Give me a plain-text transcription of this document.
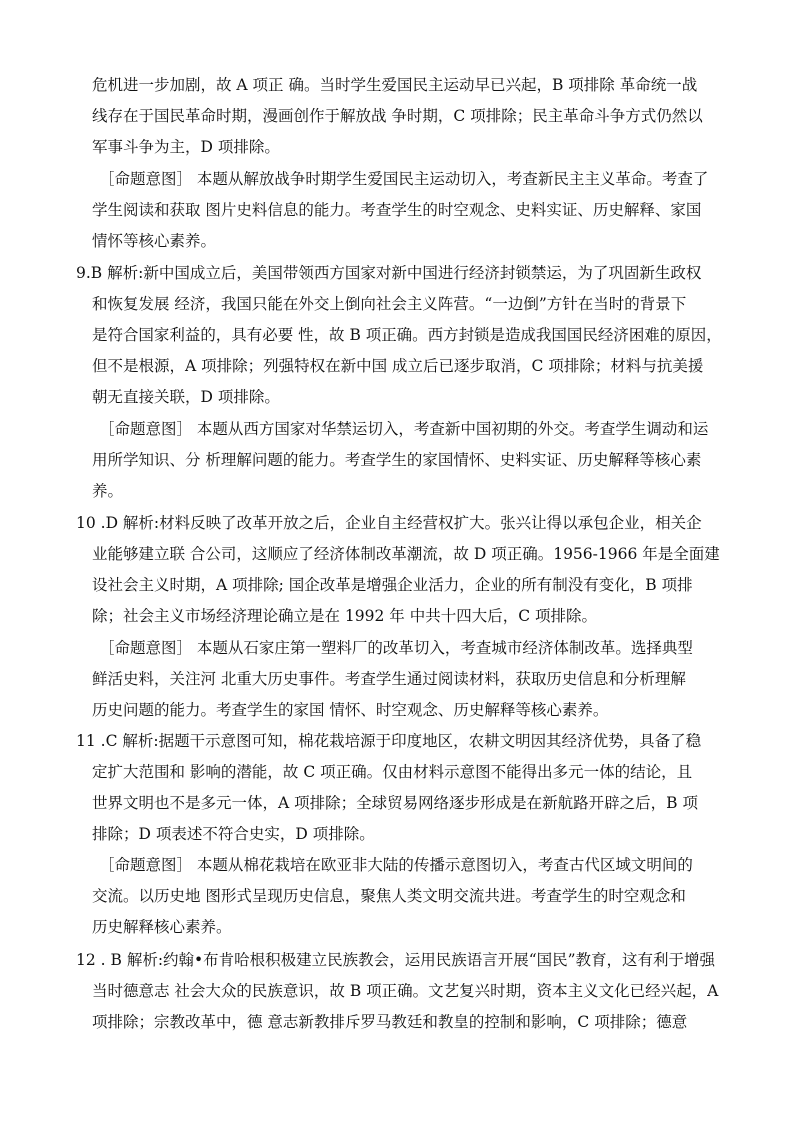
危机进一步加剧，故 A 项正 确。当时学生爱国民主运动早已兴起，B 项排除 革命统一战
线存在于国民革命时期，漫画创作于解放战 争时期，C 项排除；民主革命斗争方式仍然以
军事斗争为主，D 项排除。
［命题意图］ 本题从解放战争时期学生爱国民主运动切入，考查新民主主义革命。考查了
学生阅读和获取 图片史料信息的能力。考查学生的时空观念、史料实证、历史解释、家国
情怀等核心素养。
9.B 解析:新中国成立后，美国带领西方国家对新中国进行经济封锁禁运，为了巩固新生政权
和恢复发展 经济，我国只能在外交上倒向社会主义阵营。“一边倒”方针在当时的背景下
是符合国家利益的，具有必要 性，故 B 项正确。西方封锁是造成我国国民经济困难的原因，
但不是根源，A 项排除；列强特权在新中国 成立后已逐步取消，C 项排除；材料与抗美援
朝无直接关联，D 项排除。
［命题意图］ 本题从西方国家对华禁运切入，考查新中国初期的外交。考查学生调动和运
用所学知识、分 析理解问题的能力。考查学生的家国情怀、史料实证、历史解释等核心素
养。
10 .D 解析:材料反映了改革开放之后，企业自主经营权扩大。张兴让得以承包企业，相关企
业能够建立联 合公司，这顺应了经济体制改革潮流，故 D 项正确。1956-1966 年是全面建
设社会主义时期，A 项排除; 国企改革是增强企业活力，企业的所有制没有变化，B 项排
除；社会主义市场经济理论确立是在 1992 年 中共十四大后，C 项排除。
［命题意图］ 本题从石家庄第一塑料厂的改革切入，考查城市经济体制改革。选择典型
鲜活史料，关注河 北重大历史事件。考查学生通过阅读材料，获取历史信息和分析理解
历史问题的能力。考查学生的家国 情怀、时空观念、历史解释等核心素养。
11 .C 解析:据题干示意图可知，棉花栽培源于印度地区，农耕文明因其经济优势，具备了稳
定扩大范围和 影响的潜能，故 C 项正确。仅由材料示意图不能得出多元一体的结论，且
世界文明也不是多元一体，A 项排除；全球贸易网络逐步形成是在新航路开辟之后，B 项
排除；D 项表述不符合史实，D 项排除。
［命题意图］ 本题从棉花栽培在欧亚非大陆的传播示意图切入，考查古代区域文明间的
交流。以历史地 图形式呈现历史信息，聚焦人类文明交流共进。考查学生的时空观念和
历史解释核心素养。
12 . B 解析:约翰•布肯哈根积极建立民族教会，运用民族语言开展“国民”教育，这有利于增强
当时德意志 社会大众的民族意识，故 B 项正确。文艺复兴时期，资本主义文化已经兴起，A
项排除；宗教改革中，德 意志新教排斥罗马教廷和教皇的控制和影响，C 项排除；德意
